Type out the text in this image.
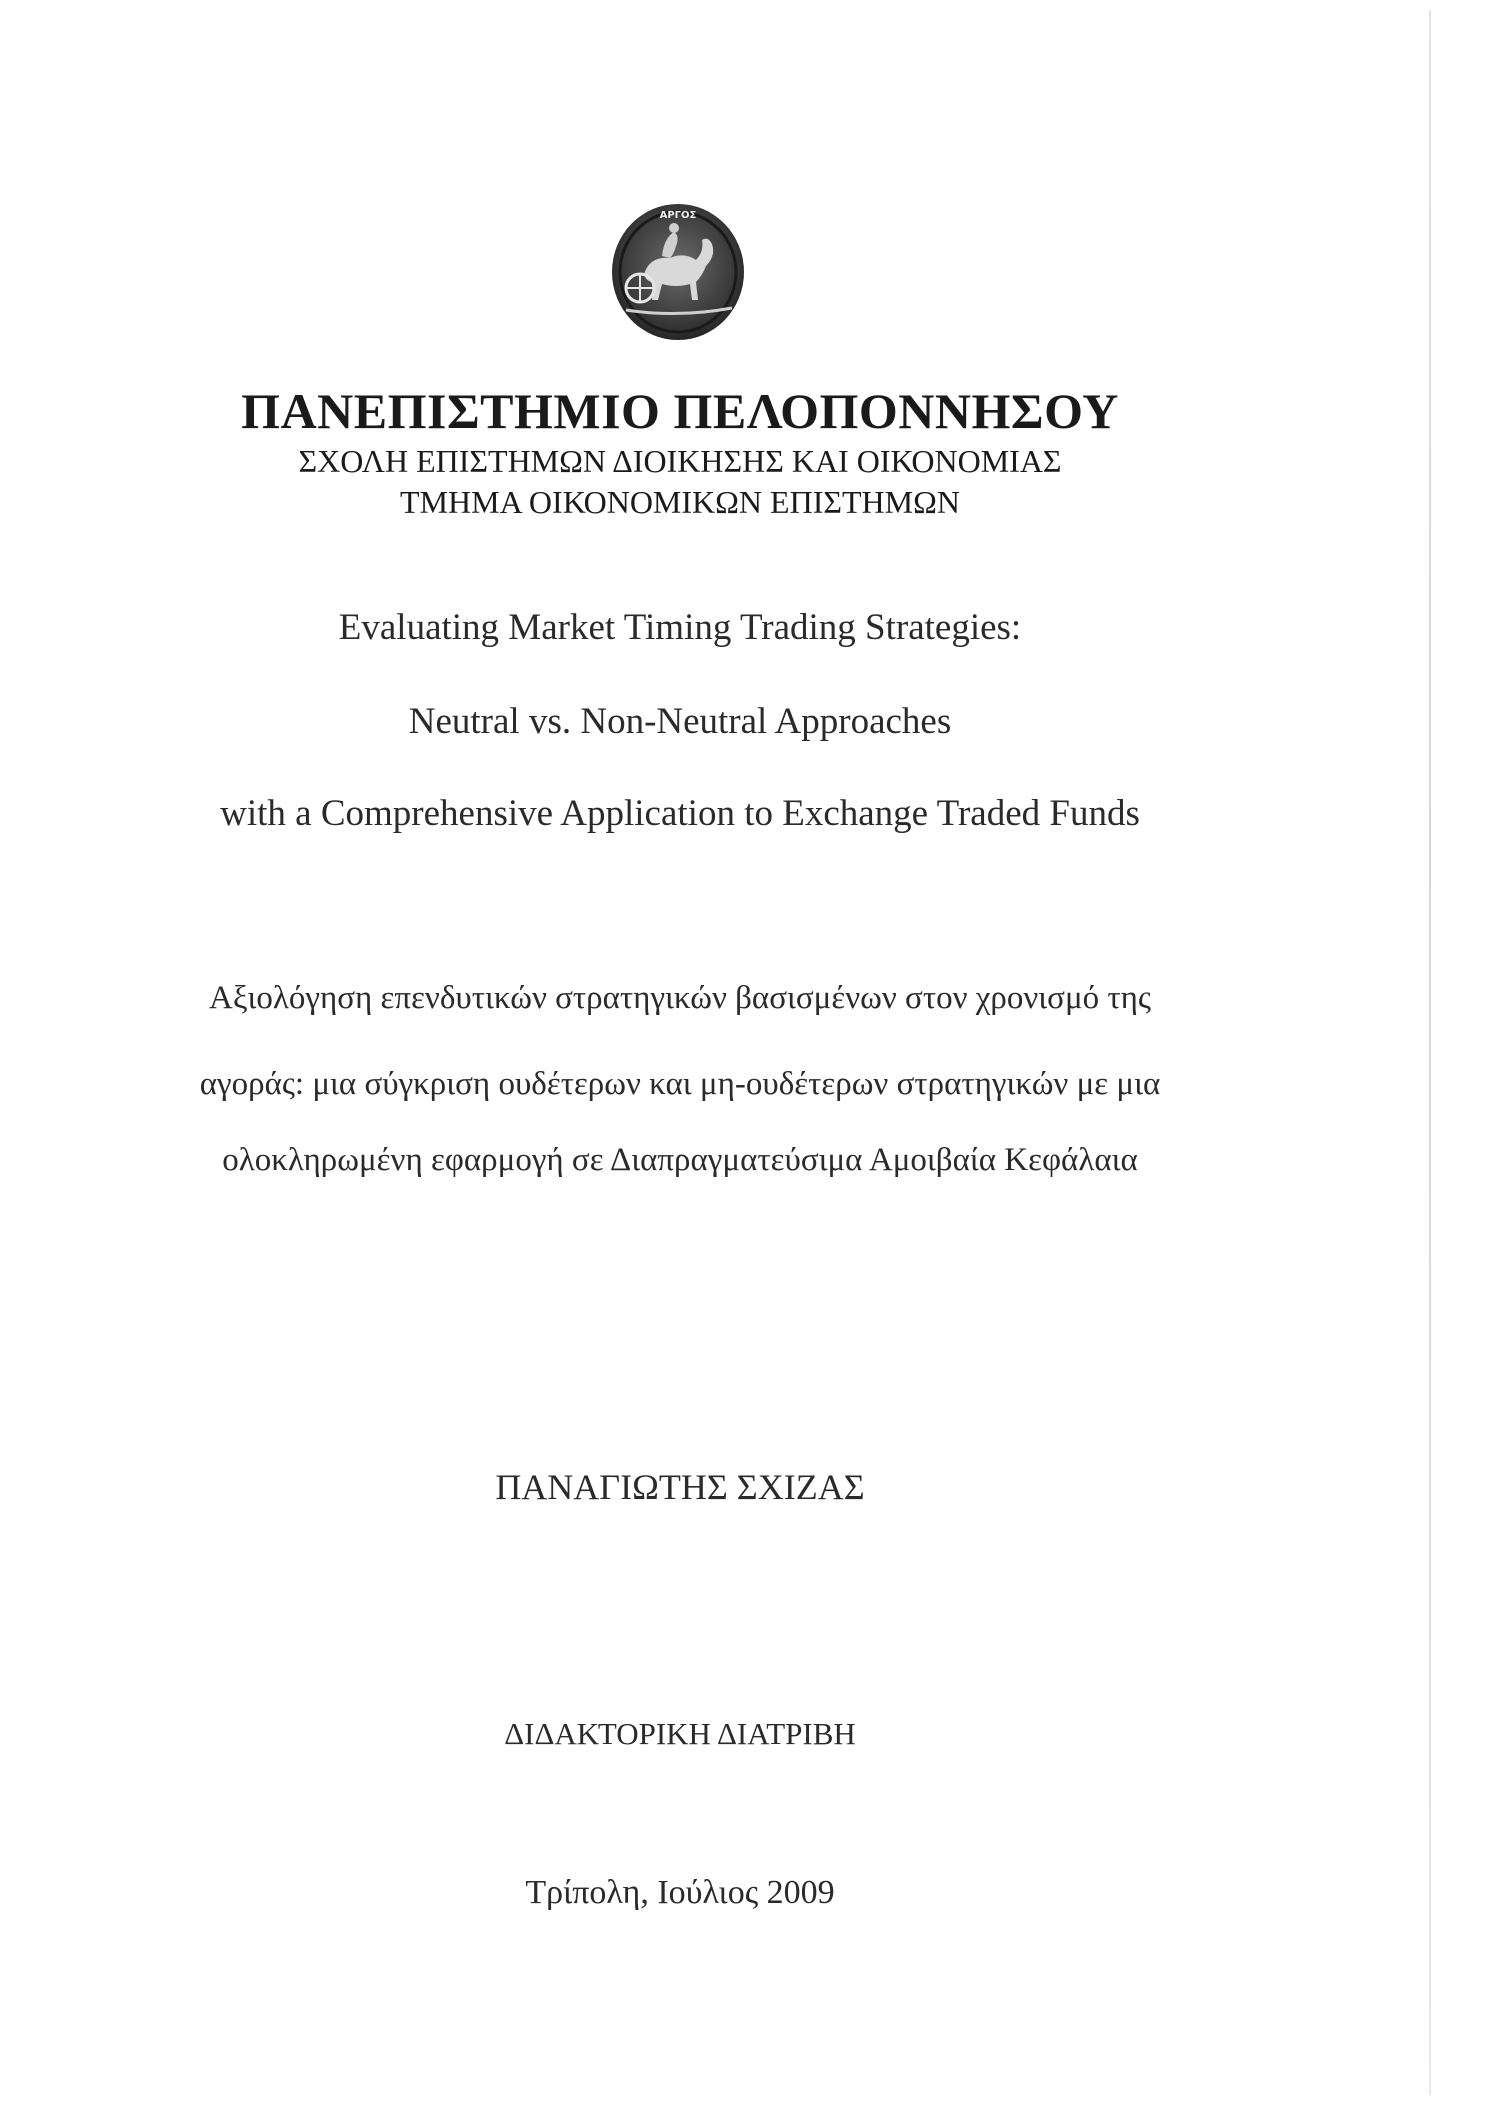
ΑΡΓΟΣ
ΠΑΝΕΠΙΣΤΗΜΙΟ ΠΕΛΟΠΟΝΝΗΣΟΥ
ΣΧΟΛΗ ΕΠΙΣΤΗΜΩΝ ΔΙΟΙΚΗΣΗΣ ΚΑΙ ΟΙΚΟΝΟΜΙΑΣ
ΤΜΗΜΑ ΟΙΚΟΝΟΜΙΚΩΝ ΕΠΙΣΤΗΜΩΝ
Evaluating Market Timing Trading Strategies:
Neutral vs. Non-Neutral Approaches
with a Comprehensive Application to Exchange Traded Funds
Αξιολόγηση επενδυτικών στρατηγικών βασισμένων στον χρονισμό της
αγοράς: μια σύγκριση ουδέτερων και μη-ουδέτερων στρατηγικών με μια
ολοκληρωμένη εφαρμογή σε Διαπραγματεύσιμα Αμοιβαία Κεφάλαια
ΠΑΝΑΓΙΩΤΗΣ ΣΧΙΖΑΣ
ΔΙΔΑΚΤΟΡΙΚΗ ΔΙΑΤΡΙΒΗ
Τρίπολη, Ιούλιος 2009
